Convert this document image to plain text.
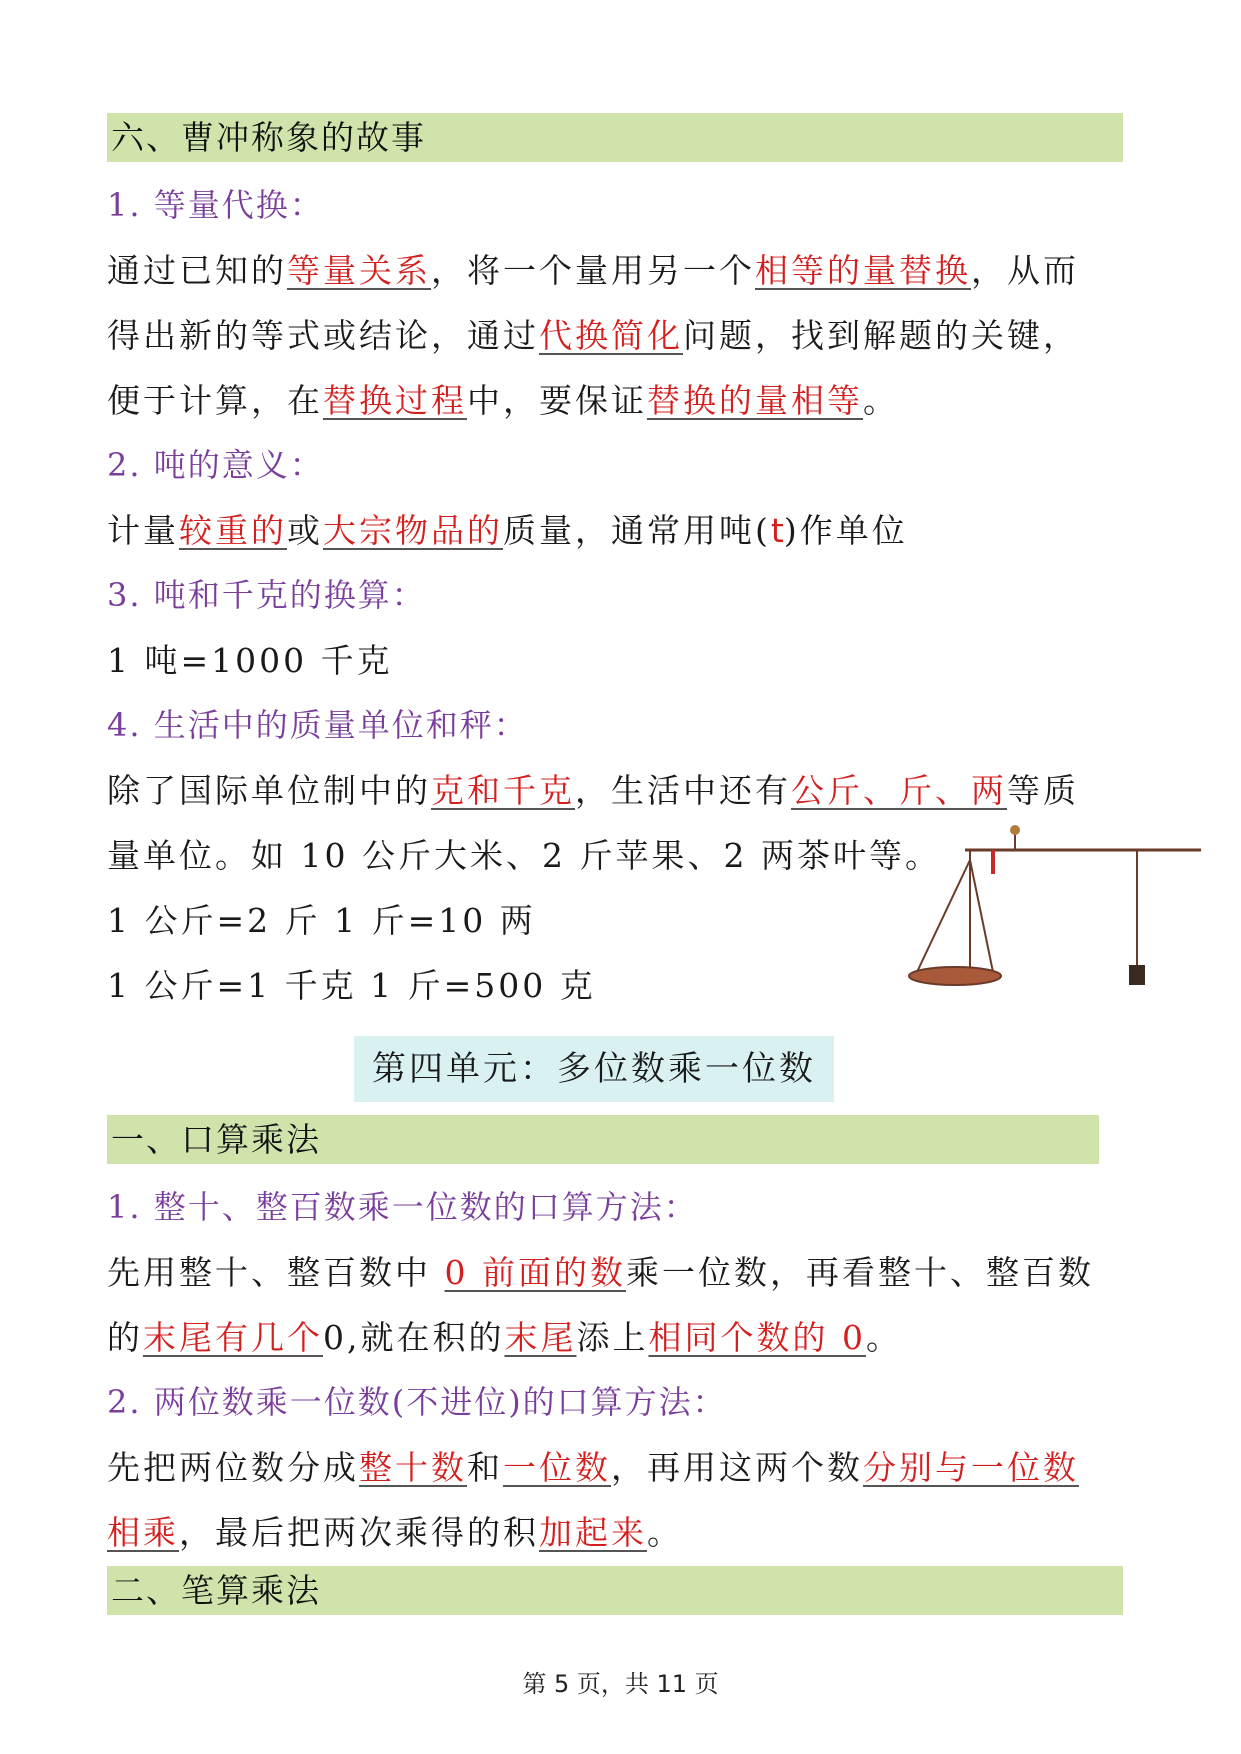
六、曹冲称象的故事
1. 等量代换：
通过已知的等量关系，将一个量用另一个相等的量替换，从而
得出新的等式或结论，通过代换简化问题，找到解题的关键，
便于计算，在替换过程中，要保证替换的量相等。
2. 吨的意义：
计量较重的或大宗物品的质量，通常用吨(t)作单位
3. 吨和千克的换算：
1 吨=1000 千克
4. 生活中的质量单位和秤：
除了国际单位制中的克和千克，生活中还有公斤、斤、两等质
量单位。如 10 公斤大米、2 斤苹果、2 两茶叶等。
1 公斤=2 斤 1 斤=10 两
1 公斤=1 千克 1 斤=500 克
第四单元：多位数乘一位数
一、口算乘法
1. 整十、整百数乘一位数的口算方法：
先用整十、整百数中 0 前面的数乘一位数，再看整十、整百数
的末尾有几个0,就在积的末尾添上相同个数的 0。
2. 两位数乘一位数(不进位)的口算方法：
先把两位数分成整十数和一位数，再用这两个数分别与一位数
相乘，最后把两次乘得的积加起来。
二、笔算乘法
第 5 页，共 11 页
